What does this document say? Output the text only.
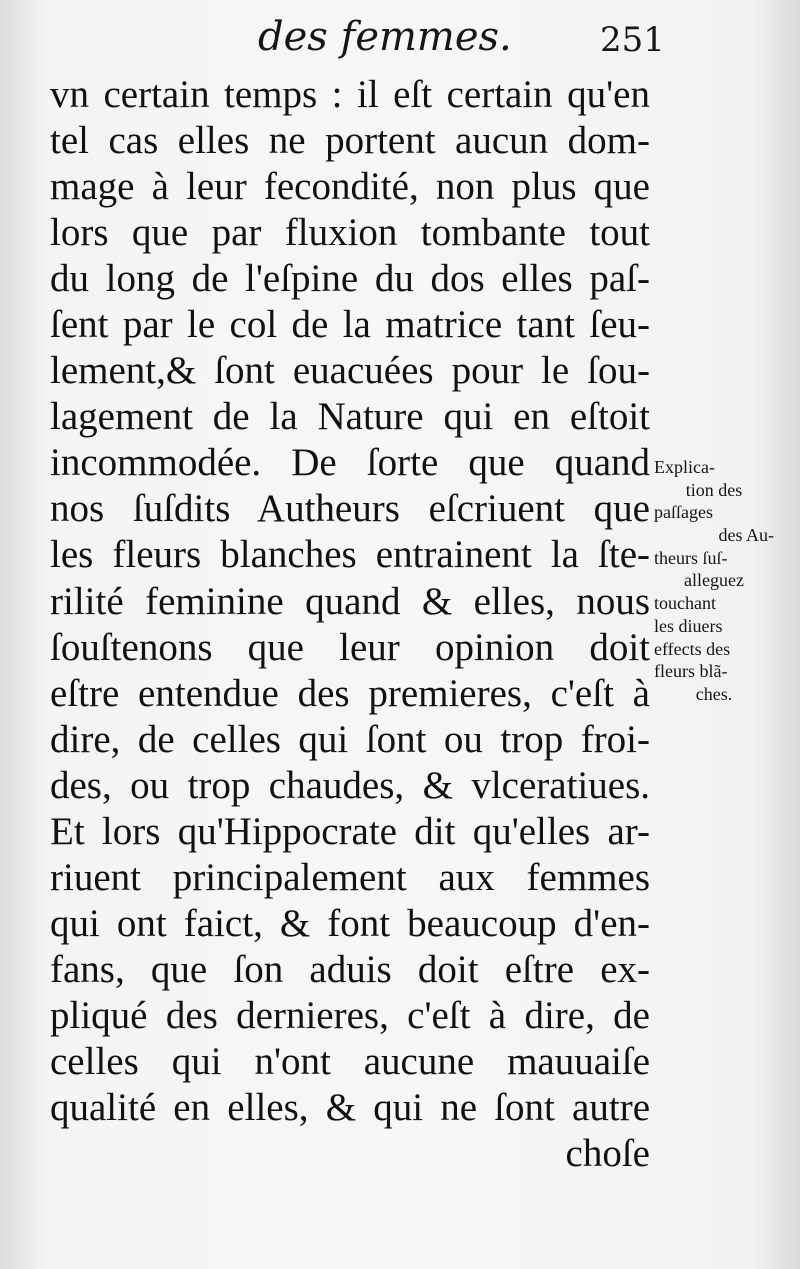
des femmes.	251
vn certain temps : il eſt certain qu'en
tel cas elles ne portent aucun dom-
mage à leur fecondité, non plus que
lors que par fluxion tombante tout
du long de l'eſpine du dos elles paſ-
ſent par le col de la matrice tant ſeu-
lement,& ſont euacuées pour le ſou-
lagement de la Nature qui en eſtoit
incommodée. De ſorte que quand
nos ſuſdits Autheurs eſcriuent que
les fleurs blanches entrainent la ſte-
rilité feminine quand & elles, nous
ſouſtenons que leur opinion doit
eſtre entendue des premieres, c'eſt à
dire, de celles qui ſont ou trop froi-
des, ou trop chaudes, & vlceratiues.
Et lors qu'Hippocrate dit qu'elles ar-
riuent principalement aux femmes
qui ont faict, & font beaucoup d'en-
fans, que ſon aduis doit eſtre ex-
pliqué des dernieres, c'eſt à dire, de
celles qui n'ont aucune mauuaiſe
qualité en elles, & qui ne ſont autre
choſe
Explica-
tion des
paſſages
des Au-
theurs ſuſ-
alleguez
touchant
les diuers
effects des
fleurs blã-
ches.
